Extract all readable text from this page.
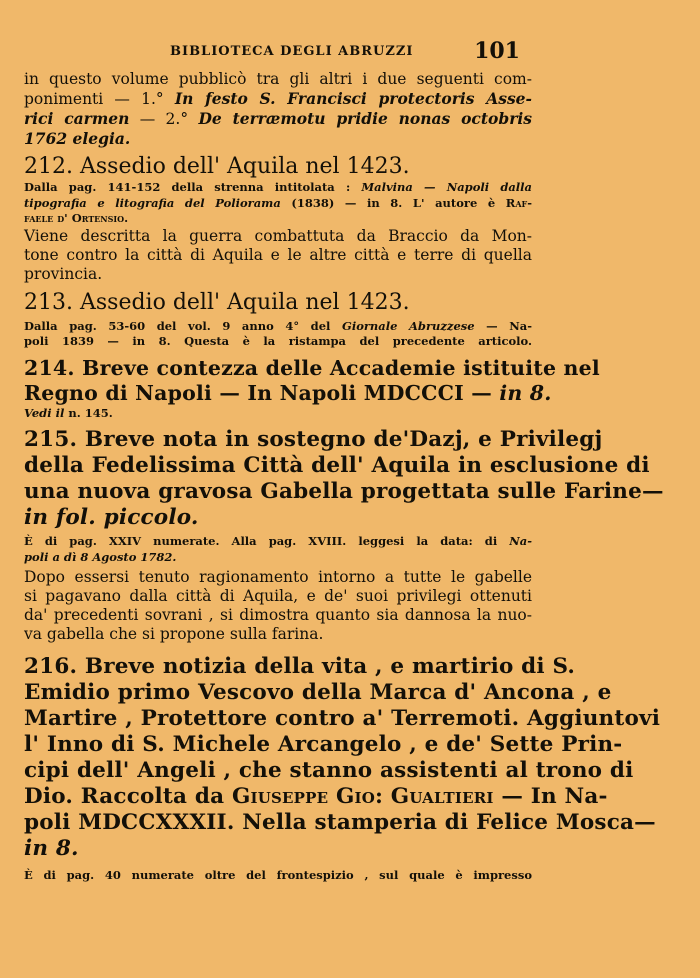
BIBLIOTECA DEGLI ABRUZZI	101
in questo volume pubblicò tra gli altri i due seguenti com-
ponimenti — 1.° In festo S. Francisci protectoris Asse-
rici carmen — 2.° De terræmotu pridie nonas octobris
1762 elegia.
212. Assedio dell' Aquila nel 1423.
Dalla pag. 141-152 della strenna intitolata : Malvina — Napoli dalla
tipografia e litografia del Poliorama (1838) — in 8. L' autore è Raf-
faele d' Ortensio.
Viene descritta la guerra combattuta da Braccio da Mon-
tone contro la città di Aquila e le altre città e terre di quella
provincia.
213. Assedio dell' Aquila nel 1423.
Dalla pag. 53-60 del vol. 9 anno 4° del Giornale Abruzzese — Na-
poli 1839 — in 8. Questa è la ristampa del precedente articolo.
214. Breve contezza delle Accademie istituite nel
Regno di Napoli — In Napoli MDCCCI — in 8.
Vedi il n. 145.
215. Breve nota in sostegno de'Dazj, e Privilegj
della Fedelissima Città dell' Aquila in esclusione di
una nuova gravosa Gabella progettata sulle Farine—
in fol. piccolo.
È di pag. XXIV numerate. Alla pag. XVIII. leggesi la data: di Na-
poli a dì 8 Agosto 1782.
Dopo essersi tenuto ragionamento intorno a tutte le gabelle
si pagavano dalla città di Aquila, e de' suoi privilegi ottenuti
da' precedenti sovrani , si dimostra quanto sia dannosa la nuo-
va gabella che si propone sulla farina.
216. Breve notizia della vita , e martirio di S.
Emidio primo Vescovo della Marca d' Ancona , e
Martire , Protettore contro a' Terremoti. Aggiuntovi
l' Inno di S. Michele Arcangelo , e de' Sette Prin-
cipi dell' Angeli , che stanno assistenti al trono di
Dio. Raccolta da Giuseppe Gio: Gualtieri — In Na-
poli MDCCXXXII. Nella stamperia di Felice Mosca—
in 8.
È di pag. 40 numerate oltre del frontespizio , sul quale è impresso
